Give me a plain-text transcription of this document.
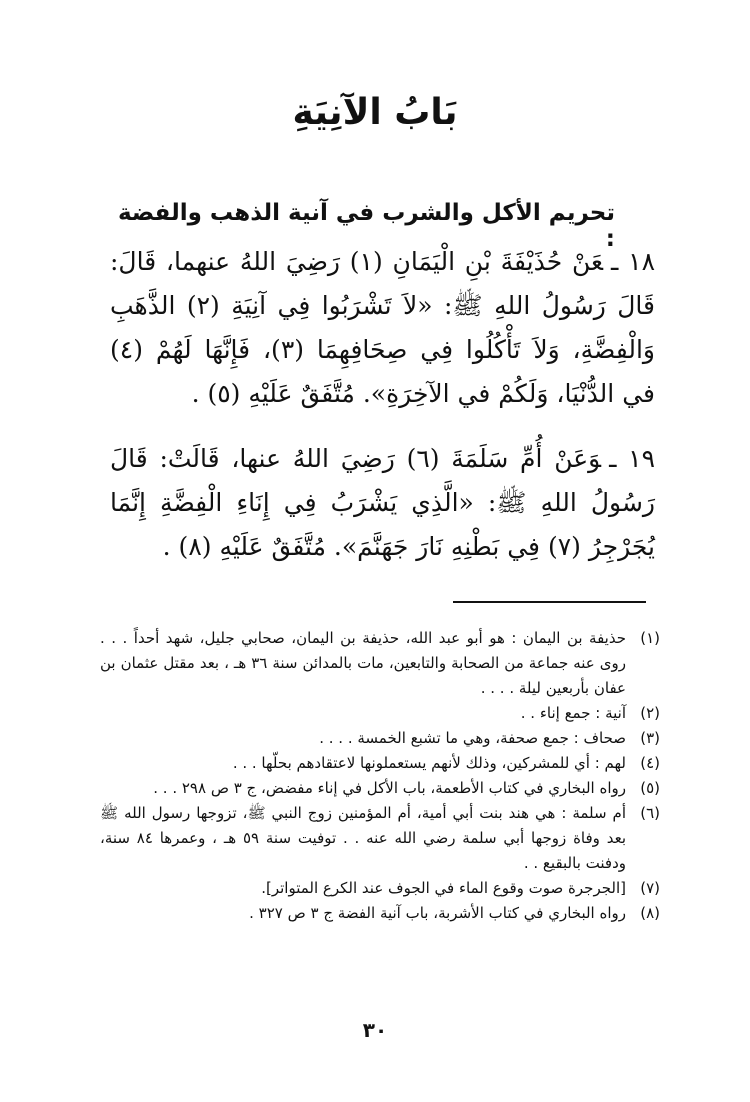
بَابُ الآنِيَةِ
تحريم الأكل والشرب في آنية الذهب والفضة :
١٨ ـعَنْ حُذَيْفَةَ بْنِ الْيَمَانِ (١) رَضِيَ اللهُ عنهما، قَالَ: قَالَ رَسُولُ اللهِ ﷺ: «لاَ تَشْرَبُوا فِي آنِيَةِ (٢) الذَّهَبِ وَالْفِضَّةِ، وَلاَ تَأْكُلُوا فِي صِحَافِهِمَا (٣)، فَإِنَّهَا لَهُمْ (٤) في الدُّنْيَا، وَلَكُمْ في الآخِرَةِ». مُتَّفَقٌ عَلَيْهِ (٥) .
١٩ ـوَعَنْ أُمِّ سَلَمَةَ (٦) رَضِيَ اللهُ عنها، قَالَتْ: قَالَ رَسُولُ اللهِ ﷺ: «الَّذِي يَشْرَبُ فِي إِنَاءِ الْفِضَّةِ إِنَّمَا يُجَرْجِرُ (٧) فِي بَطْنِهِ نَارَ جَهَنَّمَ». مُتَّفَقٌ عَلَيْهِ (٨) .
(١)
حذيفة بن اليمان : هو أبو عبد الله، حذيفة بن اليمان، صحابي جليل، شهد أحداً . . . روى عنه جماعة من الصحابة والتابعين، مات بالمدائن سنة ٣٦ هـ ، بعد مقتل عثمان بن عفان بأربعين ليلة . . . .
(٢)
آنية : جمع إناء . .
(٣)
صحاف : جمع صحفة، وهي ما تشبع الخمسة . . . .
(٤)
لهم : أي للمشركين، وذلك لأنهم يستعملونها لاعتقادهم بحلّها . . .
(٥)
رواه البخاري في كتاب الأطعمة، باب الأكل في إناء مفضض، ج ٣ ص ٢٩٨ . . .
(٦)
أم سلمة : هي هند بنت أبي أمية، أم المؤمنين زوج النبي ﷺ، تزوجها رسول الله ﷺ بعد وفاة زوجها أبي سلمة رضي الله عنه . . توفيت سنة ٥٩ هـ ، وعمرها ٨٤ سنة، ودفنت بالبقيع . .
(٧)
[الجرجرة صوت وقوع الماء في الجوف عند الكرع المتواتر].
(٨)
رواه البخاري في كتاب الأشربة، باب آنية الفضة ج ٣ ص ٣٢٧ .
٣٠
